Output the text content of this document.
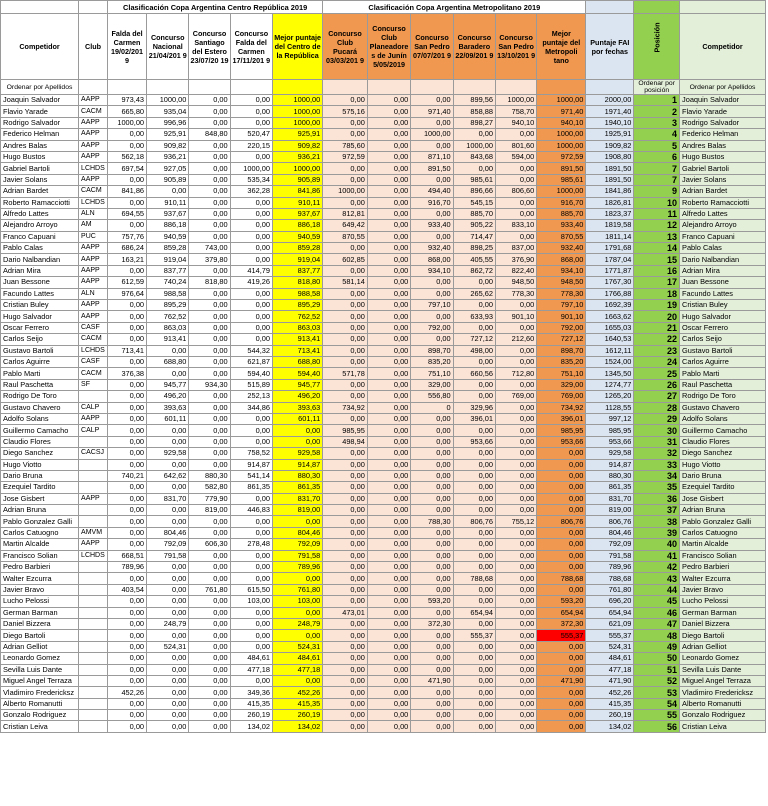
		Clasificación Copa Argentina Centro República 2019					Clasificación Copa Argentina Metropolitano 2019								
Competidor	Club	Falda del Carmen 19/02/201 9	Concurso Nacional 21/04/201 9	Concurso Santiago del Estero 23/07/20 19	Concurso Falda del Carmen 17/11/201 9	Mejor puntaje del Centro de la República	Concurso Club Pucará 03/03/201 9	Concurso Club Planeadore s de Junín 5/05/2019	Concurso San Pedro 07/07/201 9	Concurso Baradero 22/09/201 9	Concurso San Pedro 13/10/201 9	Mejor puntaje del Metropoli tano	Puntaje FAI por fechas	Posición	Competidor
Ordenar por Apellidos														Ordenar por posición	Ordenar por Apellidos
Joaquin Salvador	AAPP	973,43	1000,00	0,00	0,00	1000,00	0,00	0,00	0,00	899,56	1000,00	1000,00	2000,00	1	Joaquin Salvador
Flavio Yarade	CACM	665,80	935,04	0,00	0,00	1000,00	575,16	0,00	971,40	858,88	758,70	971,40	1971,40	2	Flavio Yarade
Rodrigo Salvador	AAPP	1000,00	996,96	0,00	0,00	1000,00	0,00	0,00	0,00	898,27	940,10	940,10	1940,10	3	Rodrigo Salvador
Federico Helman	AAPP	0,00	925,91	848,80	520,47	925,91	0,00	0,00	1000,00	0,00	0,00	1000,00	1925,91	4	Federico Helman
Andres Balas	AAPP	0,00	909,82	0,00	220,15	909,82	785,60	0,00	0,00	1000,00	801,60	1000,00	1909,82	5	Andres Balas
Hugo Bustos	AAPP	562,18	936,21	0,00	0,00	936,21	972,59	0,00	871,10	843,68	594,00	972,59	1908,80	6	Hugo Bustos
Gabriel Bartoli	LCHDS	697,54	927,05	0,00	1000,00	1000,00	0,00	0,00	891,50	0,00	0,00	891,50	1891,50	7	Gabriel Bartoli
Javier Solans	AAPP	0,00	905,89	0,00	535,34	905,89	0,00	0,00	0,00	985,61	0,00	985,61	1891,50	7	Javier Solans
Adrian Bardet	CACM	841,86	0,00	0,00	362,28	841,86	1000,00	0,00	494,40	896,66	806,60	1000,00	1841,86	9	Adrian Bardet
Roberto Ramacciotti	LCHDS	0,00	910,11	0,00	0,00	910,11	0,00	0,00	916,70	545,15	0,00	916,70	1826,81	10	Roberto Ramacciotti
Alfredo Lattes	ALN	694,55	937,67	0,00	0,00	937,67	812,81	0,00	0,00	885,70	0,00	885,70	1823,37	11	Alfredo Lattes
Alejandro Arroyo	AM	0,00	886,18	0,00	0,00	886,18	649,42	0,00	933,40	905,22	833,10	933,40	1819,58	12	Alejandro Arroyo
Franco Capuani	PUC	757,76	940,59	0,00	0,00	940,59	870,55	0,00	0,00	714,47	0,00	870,55	1811,14	13	Franco Capuani
Pablo Calas	AAPP	686,24	859,28	743,00	0,00	859,28	0,00	0,00	932,40	898,25	837,00	932,40	1791,68	14	Pablo Calas
Dario Nalbandian	AAPP	163,21	919,04	379,80	0,00	919,04	602,85	0,00	868,00	405,55	376,90	868,00	1787,04	15	Dario Nalbandian
Adrian Mira	AAPP	0,00	837,77	0,00	414,79	837,77	0,00	0,00	934,10	862,72	822,40	934,10	1771,87	16	Adrian Mira
Juan Bessone	AAPP	612,59	740,24	818,80	419,26	818,80	581,14	0,00	0,00	0,00	948,50	948,50	1767,30	17	Juan Bessone
Facundo Lattes	ALN	976,64	988,58	0,00	0,00	988,58	0,00	0,00	0,00	265,62	778,30	778,30	1766,88	18	Facundo Lattes
Cristian Buley	AAPP	0,00	895,29	0,00	0,00	895,29	0,00	0,00	797,10	0,00	0,00	797,10	1692,39	19	Cristian Buley
Hugo Salvador	AAPP	0,00	762,52	0,00	0,00	762,52	0,00	0,00	0,00	633,93	901,10	901,10	1663,62	20	Hugo Salvador
Oscar Ferrero	CASF	0,00	863,03	0,00	0,00	863,03	0,00	0,00	792,00	0,00	0,00	792,00	1655,03	21	Oscar Ferrero
Carlos Seijo	CACM	0,00	913,41	0,00	0,00	913,41	0,00	0,00	0,00	727,12	212,60	727,12	1640,53	22	Carlos Seijo
Gustavo Bartoli	LCHDS	713,41	0,00	0,00	544,32	713,41	0,00	0,00	898,70	498,00	0,00	898,70	1612,11	23	Gustavo Bartoli
Carlos Aguirre	CASF	0,00	688,80	0,00	621,87	688,80	0,00	0,00	835,20	0,00	0,00	835,20	1524,00	24	Carlos Aguirre
Pablo Marti	CACM	376,38	0,00	0,00	594,40	594,40	571,78	0,00	751,10	660,56	712,80	751,10	1345,50	25	Pablo Marti
Raul Paschetta	SF	0,00	945,77	934,30	515,89	945,77	0,00	0,00	329,00	0,00	0,00	329,00	1274,77	26	Raul Paschetta
Rodrigo De Toro		0,00	496,20	0,00	252,13	496,20	0,00	0,00	556,80	0,00	769,00	769,00	1265,20	27	Rodrigo De Toro
Gustavo Chavero	CALP	0,00	393,63	0,00	344,86	393,63	734,92	0,00	0	329,96	0,00	734,92	1128,55	28	Gustavo Chavero
Adolfo Solans	AAPP	0,00	601,11	0,00	0,00	601,11	0,00	0,00	0,00	396,01	0,00	396,01	997,12	29	Adolfo Solans
Guillermo Camacho	CALP	0,00	0,00	0,00	0,00	0,00	985,95	0,00	0,00	0,00	0,00	985,95	985,95	30	Guillermo Camacho
Claudio Flores		0,00	0,00	0,00	0,00	0,00	498,94	0,00	0,00	953,66	0,00	953,66	953,66	31	Claudio Flores
Diego Sanchez	CACSJ	0,00	929,58	0,00	758,52	929,58	0,00	0,00	0,00	0,00	0,00	0,00	929,58	32	Diego Sanchez
Hugo Viotto		0,00	0,00	0,00	914,87	914,87	0,00	0,00	0,00	0,00	0,00	0,00	914,87	33	Hugo Viotto
Dario Bruna		740,21	642,62	880,30	541,14	880,30	0,00	0,00	0,00	0,00	0,00	0,00	880,30	34	Dario Bruna
Ezequiel Tardito		0,00	0,00	582,80	861,35	861,35	0,00	0,00	0,00	0,00	0,00	0,00	861,35	35	Ezequiel Tardito
Jose Gisbert	AAPP	0,00	831,70	779,90	0,00	831,70	0,00	0,00	0,00	0,00	0,00	0,00	831,70	36	Jose Gisbert
Adrian Bruna		0,00	0,00	819,00	446,83	819,00	0,00	0,00	0,00	0,00	0,00	0,00	819,00	37	Adrian Bruna
Pablo Gonzalez Galli		0,00	0,00	0,00	0,00	0,00	0,00	0,00	788,30	806,76	755,12	806,76	806,76	38	Pablo Gonzalez Galli
Carlos Catuogno	AMVM	0,00	804,46	0,00	0,00	804,46	0,00	0,00	0,00	0,00	0,00	0,00	804,46	39	Carlos Catuogno
Martin Alcalde	AAPP	0,00	792,09	606,30	278,48	792,09	0,00	0,00	0,00	0,00	0,00	0,00	792,09	40	Martin Alcalde
Francisco Solian	LCHDS	668,51	791,58	0,00	0,00	791,58	0,00	0,00	0,00	0,00	0,00	0,00	791,58	41	Francisco Solian
Pedro Barbieri		789,96	0,00	0,00	0,00	789,96	0,00	0,00	0,00	0,00	0,00	0,00	789,96	42	Pedro Barbieri
Walter Ezcurra		0,00	0,00	0,00	0,00	0,00	0,00	0,00	0,00	788,68	0,00	788,68	788,68	43	Walter Ezcurra
Javier Bravo		403,54	0,00	761,80	615,50	761,80	0,00	0,00	0,00	0,00	0,00	0,00	761,80	44	Javier Bravo
Lucho Pelossi		0,00	0,00	0,00	103,00	103,00	0,00	0,00	593,20	0,00	0,00	593,20	696,20	45	Lucho Pelossi
German Barman		0,00	0,00	0,00	0,00	0,00	473,01	0,00	0,00	654,94	0,00	654,94	654,94	46	German Barman
Daniel Bizzera		0,00	248,79	0,00	0,00	248,79	0,00	0,00	372,30	0,00	0,00	372,30	621,09	47	Daniel Bizzera
Diego Bartoli		0,00	0,00	0,00	0,00	0,00	0,00	0,00	0,00	555,37	0,00	555,37	555,37	48	Diego Bartoli
Adrian Gelliot		0,00	524,31	0,00	0,00	524,31	0,00	0,00	0,00	0,00	0,00	0,00	524,31	49	Adrian Gelliot
Leonardo Gomez		0,00	0,00	0,00	484,61	484,61	0,00	0,00	0,00	0,00	0,00	0,00	484,61	50	Leonardo Gomez
Sevilla Luis Dante		0,00	0,00	0,00	477,18	477,18	0,00	0,00	0,00	0,00	0,00	0,00	477,18	51	Sevilla Luis Dante
Miguel Angel Terraza		0,00	0,00	0,00	0,00	0,00	0,00	0,00	471,90	0,00	0,00	471,90	471,90	52	Miguel Angel Terraza
Vladimiro Fredericksz		452,26	0,00	0,00	349,36	452,26	0,00	0,00	0,00	0,00	0,00	0,00	452,26	53	Vladimiro Fredericksz
Alberto Romanutti		0,00	0,00	0,00	415,35	415,35	0,00	0,00	0,00	0,00	0,00	0,00	415,35	54	Alberto Romanutti
Gonzalo Rodriguez		0,00	0,00	0,00	260,19	260,19	0,00	0,00	0,00	0,00	0,00	0,00	260,19	55	Gonzalo Rodriguez
Cristian Leiva		0,00	0,00	0,00	134,02	134,02	0,00	0,00	0,00	0,00	0,00	0,00	134,02	56	Cristian Leiva
